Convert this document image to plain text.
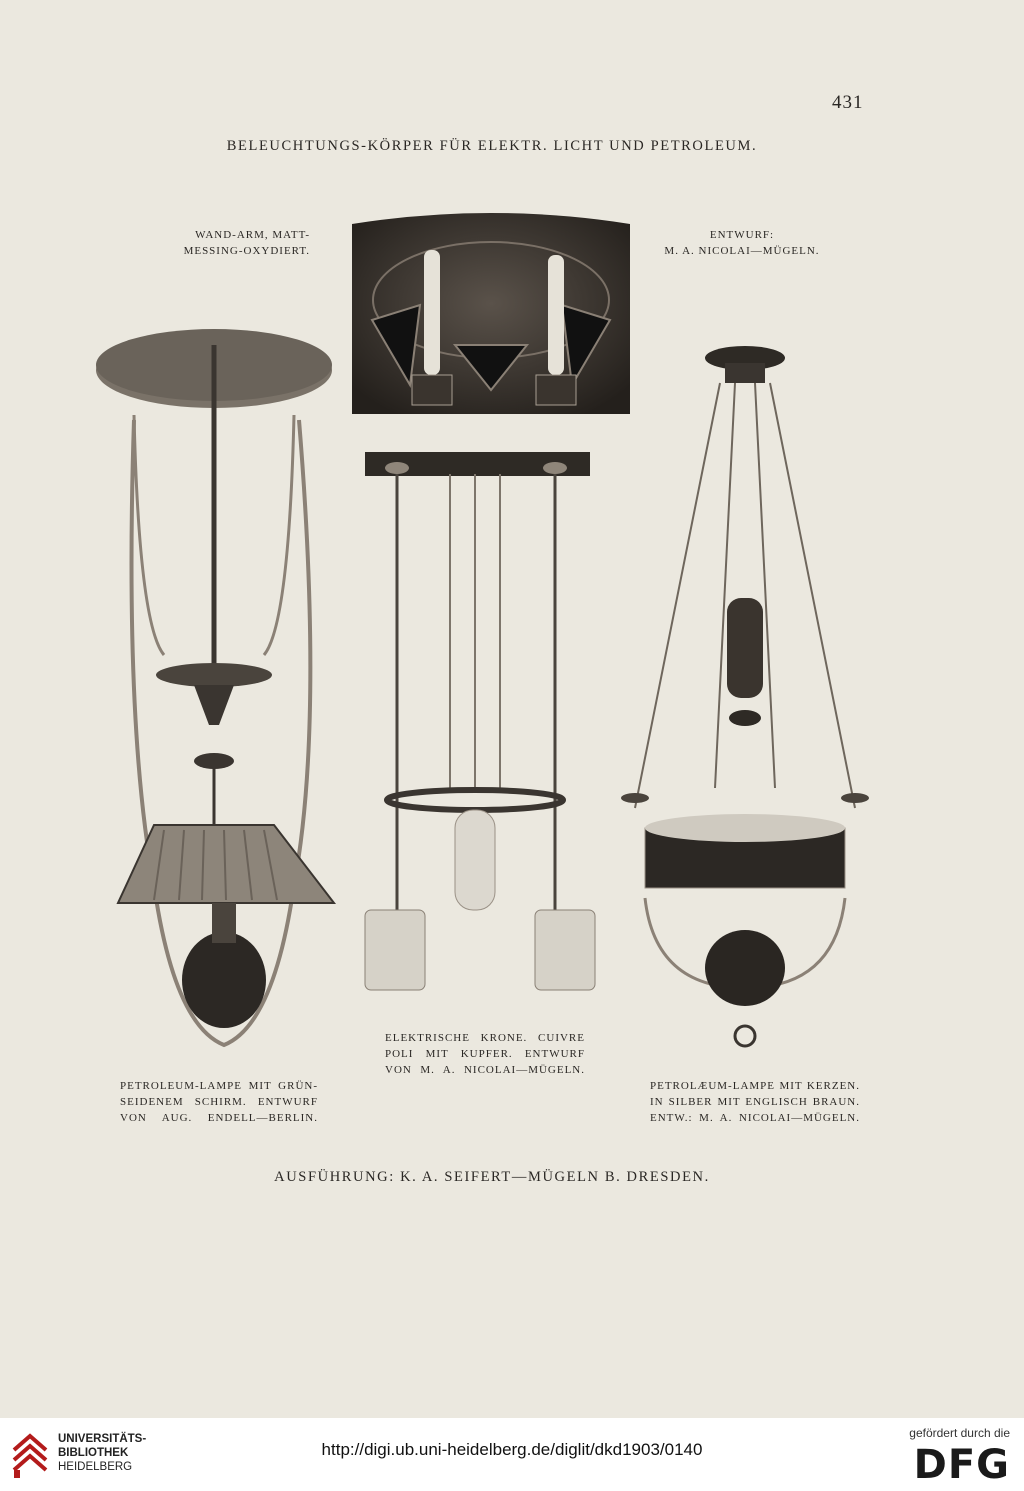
431
BELEUCHTUNGS-KÖRPER FÜR ELEKTR. LICHT UND PETROLEUM.
WAND-ARM, MATT-
MESSING-OXYDIERT.
ENTWURF:
M. A. NICOLAI—MÜGELN.
ELEKTRISCHE KRONE. CUIVRE
POLI MIT KUPFER. ENTWURF
VON M. A. NICOLAI—MÜGELN.
PETROLEUM-LAMPE MIT GRÜN-
SEIDENEM SCHIRM. ENTWURF
VON AUG. ENDELL—BERLIN.
PETROLÆUM-LAMPE MIT KERZEN.
IN SILBER MIT ENGLISCH BRAUN.
ENTW.: M. A. NICOLAI—MÜGELN.
AUSFÜHRUNG: K. A. SEIFERT—MÜGELN B. DRESDEN.
UNIVERSITÄTS-
BIBLIOTHEK
HEIDELBERG
http://digi.ub.uni-heidelberg.de/diglit/dkd1903/0140
gefördert durch die
DFG
